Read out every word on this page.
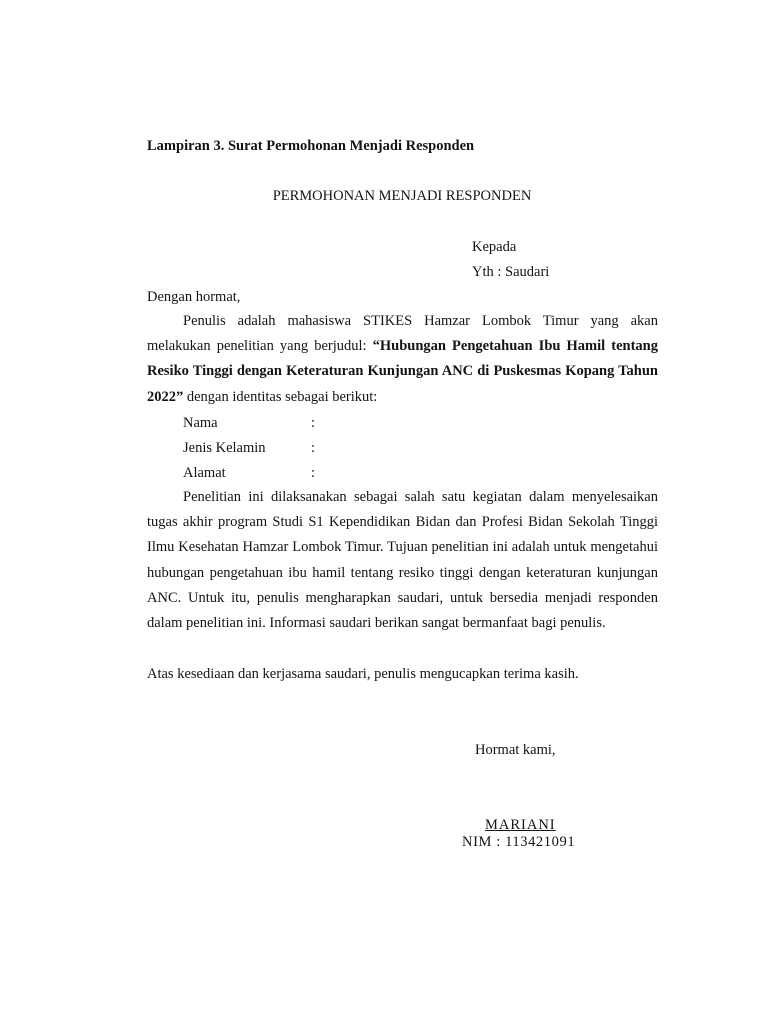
Lampiran 3. Surat Permohonan Menjadi Responden
PERMOHONAN MENJADI RESPONDEN
Kepada
Yth : Saudari
Dengan hormat,
Penulis adalah mahasiswa STIKES Hamzar Lombok Timur yang akan melakukan penelitian yang berjudul: “Hubungan Pengetahuan Ibu Hamil tentang Resiko Tinggi dengan Keteraturan Kunjungan ANC di Puskesmas Kopang Tahun 2022” dengan identitas sebagai berikut:
Nama	:
Jenis Kelamin	:
Alamat	:
Penelitian ini dilaksanakan sebagai salah satu kegiatan dalam menyelesaikan tugas akhir program Studi S1 Kependidikan Bidan dan Profesi Bidan Sekolah Tinggi Ilmu Kesehatan Hamzar Lombok Timur. Tujuan penelitian ini adalah untuk mengetahui hubungan pengetahuan ibu hamil tentang resiko tinggi dengan keteraturan kunjungan ANC. Untuk itu, penulis mengharapkan saudari, untuk bersedia menjadi responden dalam penelitian ini. Informasi saudari berikan sangat bermanfaat bagi penulis.
Atas kesediaan dan kerjasama saudari, penulis mengucapkan terima kasih.
Hormat kami,
MARIANI
NIM : 113421091
